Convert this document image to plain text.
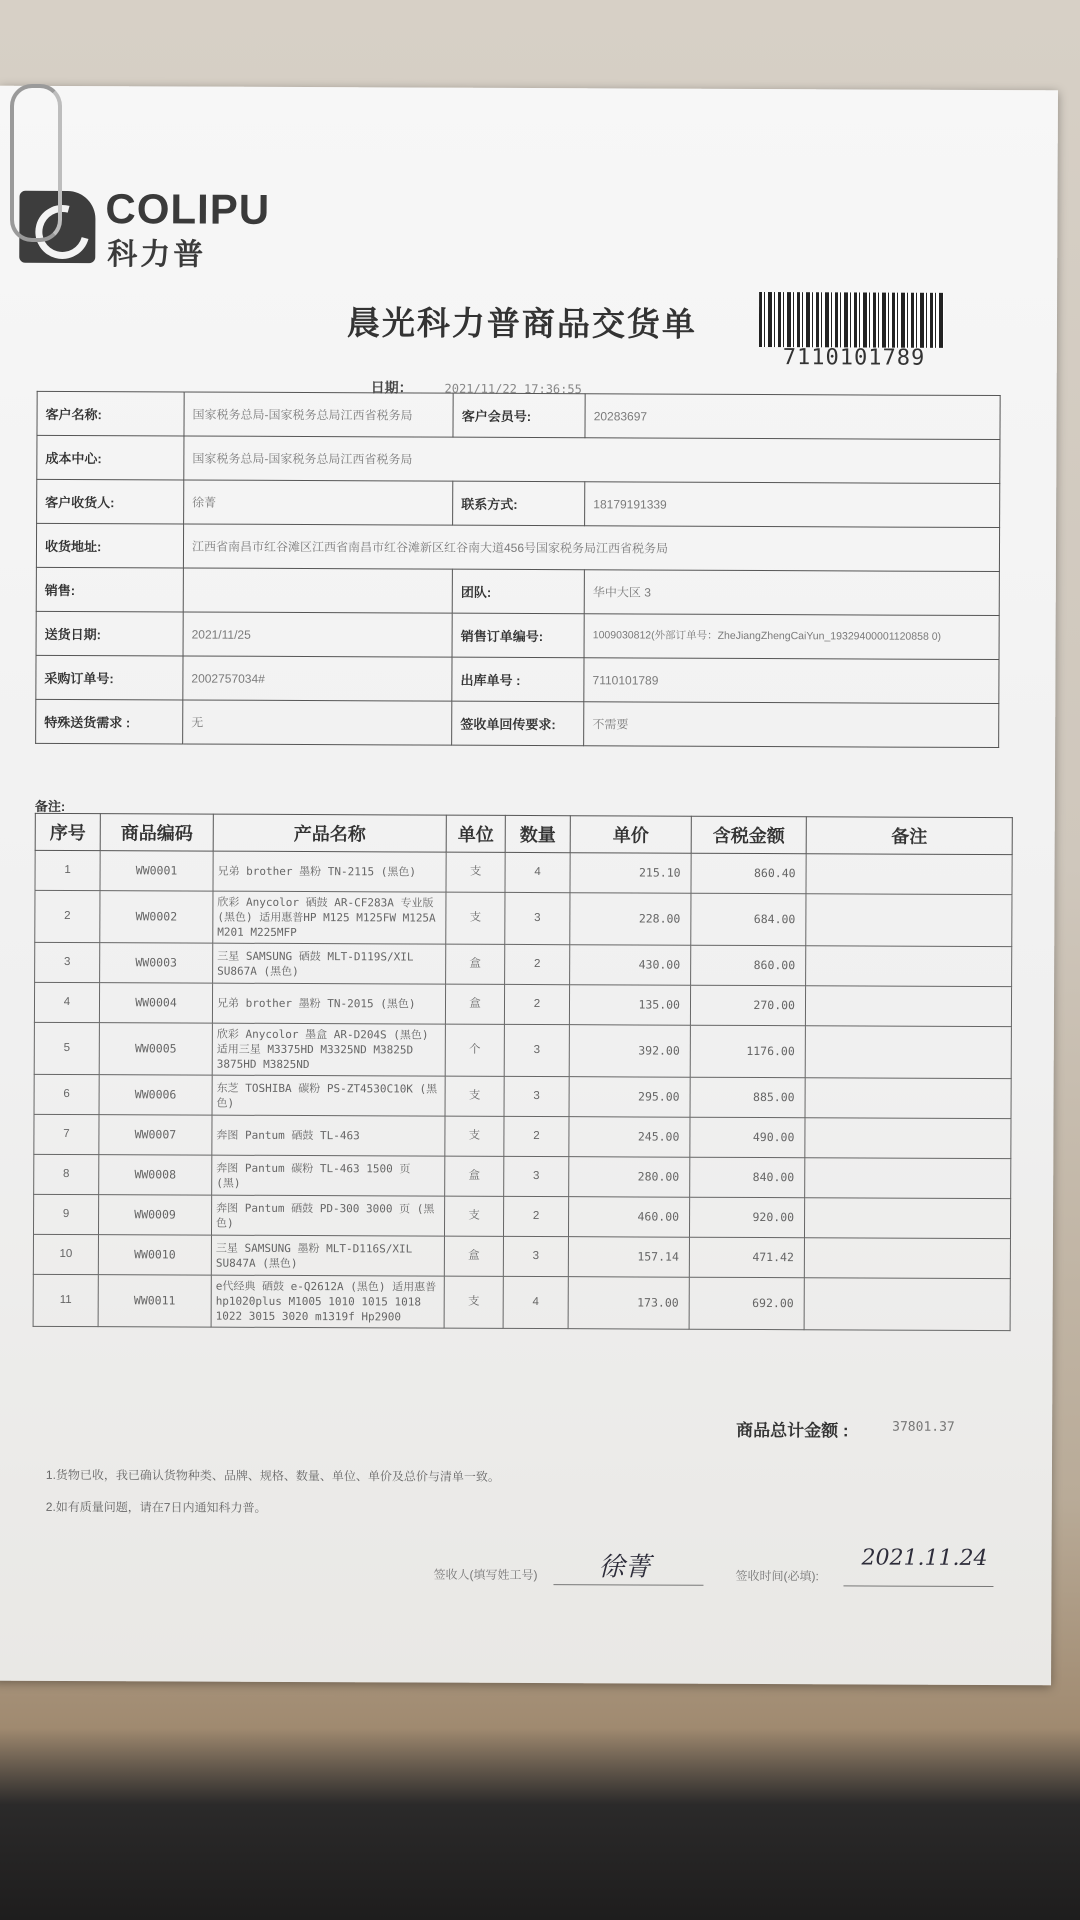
COLIPU
科力普
晨光科力普商品交货单
7110101789
日期：	2021/11/22 17:36:55
客户名称:	国家税务总局-国家税务总局江西省税务局	客户会员号:	20283697
成本中心:	国家税务总局-国家税务总局江西省税务局		
客户收货人:	徐菁	联系方式:	18179191339
收货地址:	江西省南昌市红谷滩区江西省南昌市红谷滩新区红谷南大道456号国家税务局江西省税务局		
销售:		团队:	华中大区 3
送货日期:	2021/11/25	销售订单编号:	1009030812(外部订单号：ZheJiangZhengCaiYun_19329400001120858 0)
采购订单号:	2002757034#	出库单号 :	7110101789
特殊送货需求 :	无	签收单回传要求:	不需要
备注:
序号	商品编码	产品名称	单位	数量	单价	含税金额	备注
1	WW0001	兄弟 brother 墨粉 TN-2115 (黑色)	支	4	215.10	860.40	
2	WW0002	欣彩 Anycolor 硒鼓 AR-CF283A 专业版 (黑色) 适用惠普HP M125 M125FW M125A M201 M225MFP	支	3	228.00	684.00	
3	WW0003	三星 SAMSUNG 硒鼓 MLT-D119S/XIL SU867A (黑色)	盒	2	430.00	860.00	
4	WW0004	兄弟 brother 墨粉 TN-2015 (黑色)	盒	2	135.00	270.00	
5	WW0005	欣彩 Anycolor 墨盒 AR-D204S (黑色) 适用三星 M3375HD M3325ND M3825D 3875HD M3825ND	个	3	392.00	1176.00	
6	WW0006	东芝 TOSHIBA 碳粉 PS-ZT4530C10K (黑色)	支	3	295.00	885.00	
7	WW0007	奔图 Pantum 硒鼓 TL-463	支	2	245.00	490.00	
8	WW0008	奔图 Pantum 碳粉 TL-463 1500 页 (黑)	盒	3	280.00	840.00	
9	WW0009	奔图 Pantum 硒鼓 PD-300 3000 页 (黑色)	支	2	460.00	920.00	
10	WW0010	三星 SAMSUNG 墨粉 MLT-D116S/XIL SU847A (黑色)	盒	3	157.14	471.42	
11	WW0011	e代经典 硒鼓 e-Q2612A (黑色) 适用惠普hp1020plus M1005 1010 1015 1018 1022 3015 3020 m1319f Hp2900	支	4	173.00	692.00	
商品总计金额 :	37801.37
1.货物已收，我已确认货物种类、品牌、规格、数量、单位、单价及总价与清单一致。
2.如有质量问题，请在7日内通知科力普。
签收人(填写姓工号) 徐菁	签收时间(必填):
2021.11.24
